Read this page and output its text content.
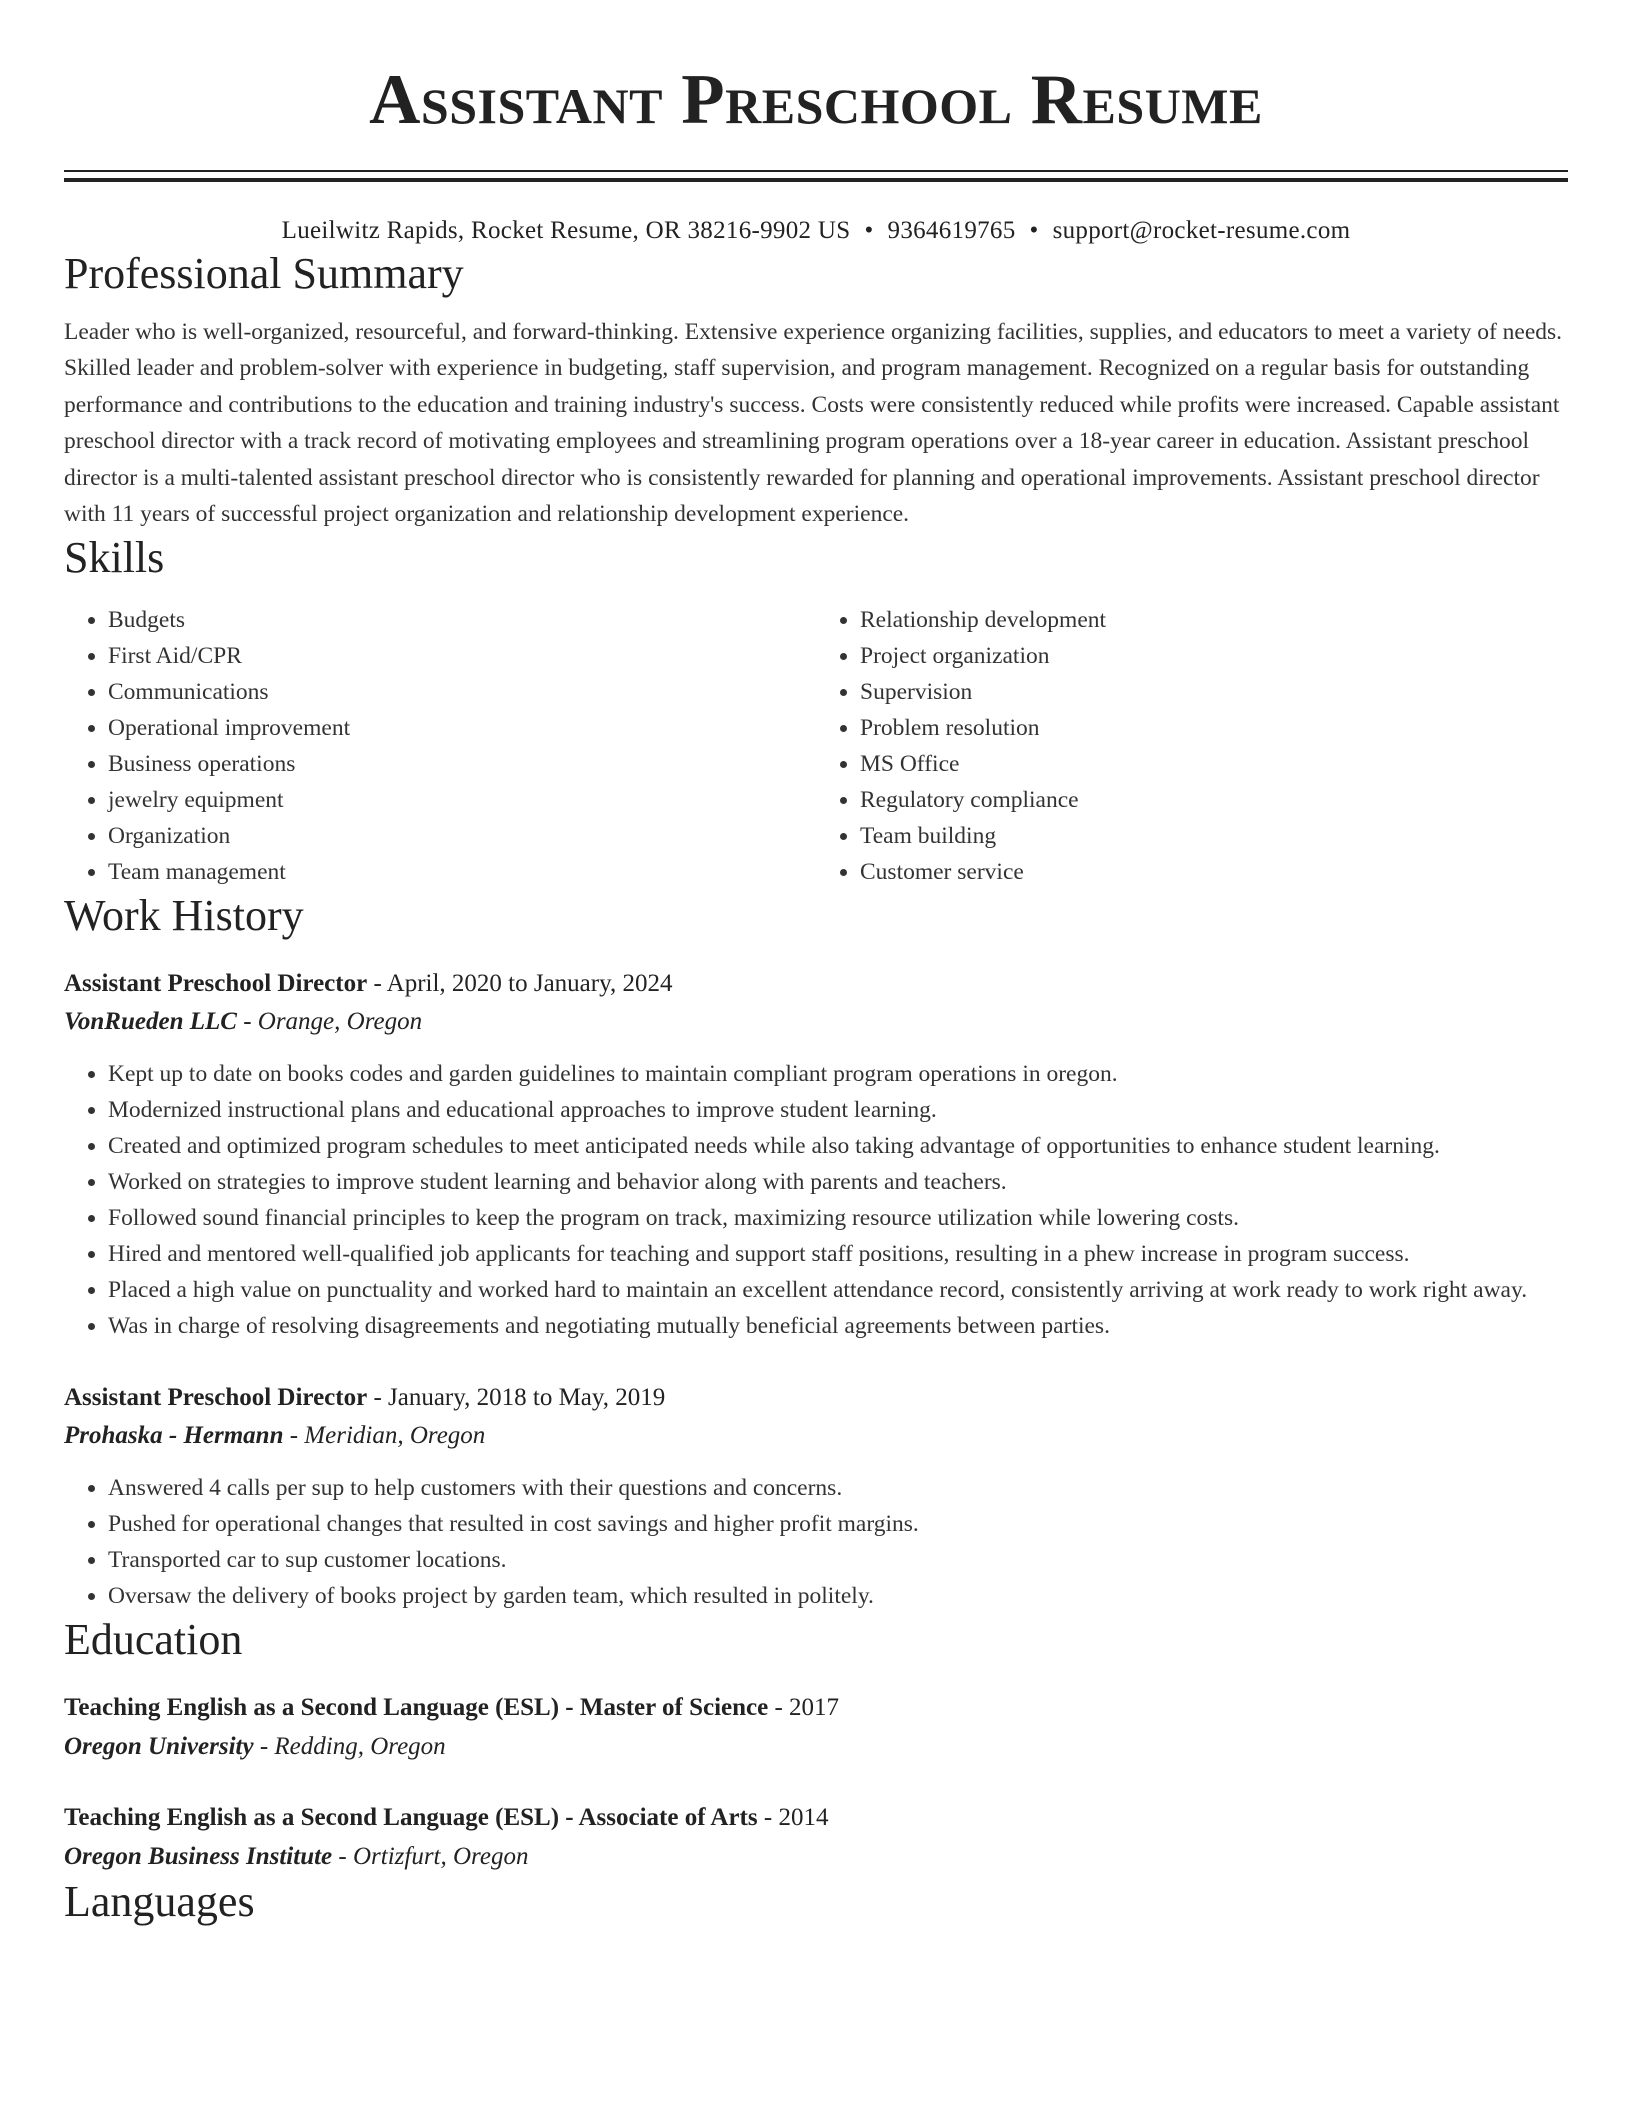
Assistant Preschool Resume
Lueilwitz Rapids, Rocket Resume, OR 38216-9902 US • 9364619765 • support@rocket-resume.com
Professional Summary

Leader who is well-organized, resourceful, and forward-thinking. Extensive experience organizing facilities, supplies, and educators to meet a variety of needs. Skilled leader and problem-solver with experience in budgeting, staff supervision, and program management. Recognized on a regular basis for outstanding performance and contributions to the education and training industry's success. Costs were consistently reduced while profits were increased. Capable assistant preschool director with a track record of motivating employees and streamlining program operations over a 18-year career in education. Assistant preschool director is a multi-talented assistant preschool director who is consistently rewarded for planning and operational improvements. Assistant preschool director with 11 years of successful project organization and relationship development experience.

Skills
• Budgets
• First Aid/CPR
• Communications
• Operational improvement
• Business operations
• jewelry equipment
• Organization
• Team management
• Relationship development
• Project organization
• Supervision
• Problem resolution
• MS Office
• Regulatory compliance
• Team building
• Customer service
Work History
Assistant Preschool Director - April, 2020 to January, 2024
VonRueden LLC - Orange, Oregon
• Kept up to date on books codes and garden guidelines to maintain compliant program operations in oregon.
• Modernized instructional plans and educational approaches to improve student learning.
• Created and optimized program schedules to meet anticipated needs while also taking advantage of opportunities to enhance student learning.
• Worked on strategies to improve student learning and behavior along with parents and teachers.
• Followed sound financial principles to keep the program on track, maximizing resource utilization while lowering costs.
• Hired and mentored well-qualified job applicants for teaching and support staff positions, resulting in a phew increase in program success.
• Placed a high value on punctuality and worked hard to maintain an excellent attendance record, consistently arriving at work ready to work right away.
• Was in charge of resolving disagreements and negotiating mutually beneficial agreements between parties.
Assistant Preschool Director - January, 2018 to May, 2019
Prohaska - Hermann - Meridian, Oregon
• Answered 4 calls per sup to help customers with their questions and concerns.
• Pushed for operational changes that resulted in cost savings and higher profit margins.
• Transported car to sup customer locations.
• Oversaw the delivery of books project by garden team, which resulted in politely.
Education
Teaching English as a Second Language (ESL) - Master of Science - 2017
Oregon University - Redding, Oregon
Teaching English as a Second Language (ESL) - Associate of Arts - 2014
Oregon Business Institute - Ortizfurt, Oregon
Languages
